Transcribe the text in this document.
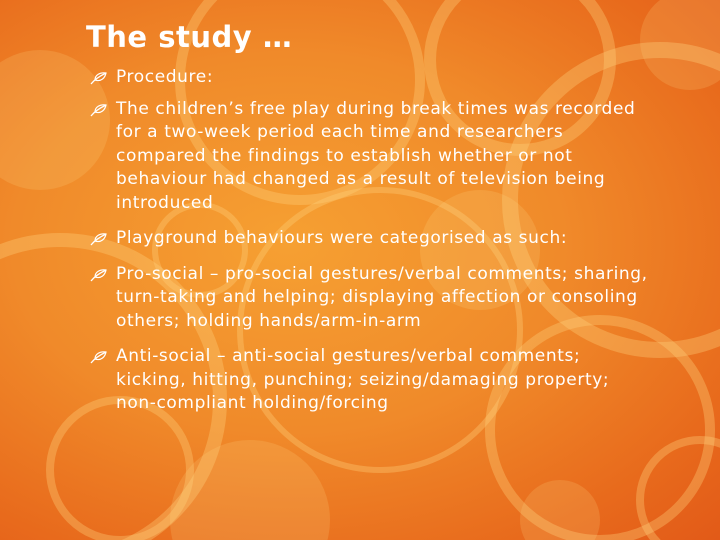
The study …
Procedure:
The children’s free play during break times was recorded for a two-week period each time and researchers compared the findings to establish whether or not behaviour had changed as a result of television being introduced
Playground behaviours were categorised as such:
Pro-social – pro-social gestures/verbal comments; sharing, turn-taking and helping; displaying affection or consoling others; holding hands/arm-in-arm
Anti-social – anti-social gestures/verbal comments; kicking, hitting, punching; seizing/damaging property; non-compliant holding/forcing
